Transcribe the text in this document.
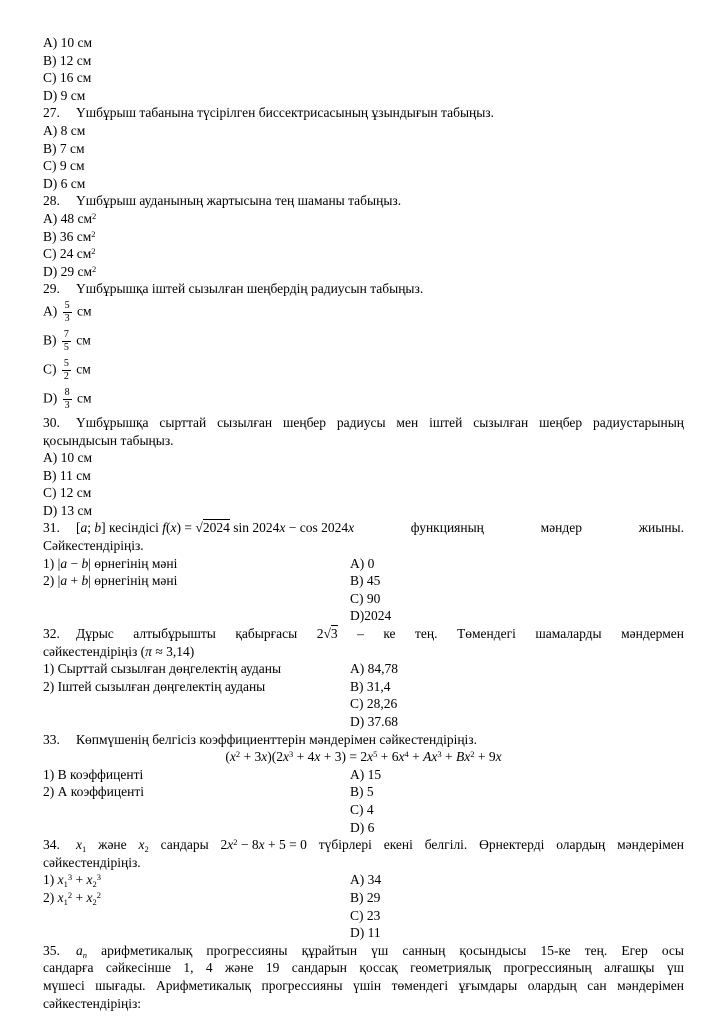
A) 10 см
B) 12 см
C) 16 см
D) 9 см
27. Үшбұрыш табанына түсірілген биссектрисасының ұзындығын табыңыз.
A) 8 см
B) 7 см
C) 9 см
D) 6 см
28. Үшбұрыш ауданының жартысына тең шаманы табыңыз.
A) 48 $см^2$
B) 36 $см^2$
C) 24 $см^2$
D) 29 $см^2$
29. Үшбұрышқа іштей сызылған шеңбердің радиусын табыңыз.
$A) \frac{5}{3}$ см
$B) \frac{7}{5}$ см
$C) \frac{5}{2}$ см
$D) \frac{8}{3}$ см
30. Үшбұрышқа сырттай сызылған шеңбер радиусы мен іштей сызылған шеңбер радиустарының
қосындысын табыңыз.
A) 10 см
B) 11 см
C) 12 см
D) 13 см
31. [a; b] кесіндісі f(x) = √2024 sin 2024x − cos 2024x функцияның мәндер жиыны.
Сәйкестендіріңіз.
1) |a − b| өрнегінің мәні	A) 0
2) |a + b| өрнегінің мәні	B) 45
C) 90
D)2024
32. Дұрыс алтыбұрышты қабырғасы 2√3 – ке тең. Төмендегі шамаларды мәндермен
сәйкестендіріңіз (π ≈ 3,14)
1) Сырттай сызылған дөңгелектің ауданы	A) 84,78
2) Іштей сызылған дөңгелектің ауданы	B) 31,4
C) 28,26
D) 37.68
33. Көпмүшенің белгісіз коэффициенттерін мәндерімен сәйкестендіріңіз.
$(x^2 + 3x)(2x^3 + 4x + 3) = 2x^5 + 6x^4 + Ax^3 + Bx^2 + 9x$
1) В коэффиценті	A) 15
2) А коэффиценті	B) 5
C) 4
D) 6
34. $x_1$ және $x_2$ сандары $2x^2 - 8x + 5 = 0$ түбірлері екені белгілі. Өрнектерді олардың мәндерімен
сәйкестендіріңіз.
1) $x_1^3 + x_2^3$	A) 34
2) $x_1^2 + x_2^2$	B) 29
C) 23
D) 11
35. $a_n$ арифметикалық прогрессияны құрайтын үш санның қосындысы 15-ке тең. Егер осы
сандарға сәйкесінше 1, 4 және 19 сандарын қоссақ геометриялық прогрессияның алғашқы үш
мүшесі шығады. Арифметикалық прогрессияны үшін төмендегі ұғымдары олардың сан мәндерімен
сәйкестендіріңіз:
